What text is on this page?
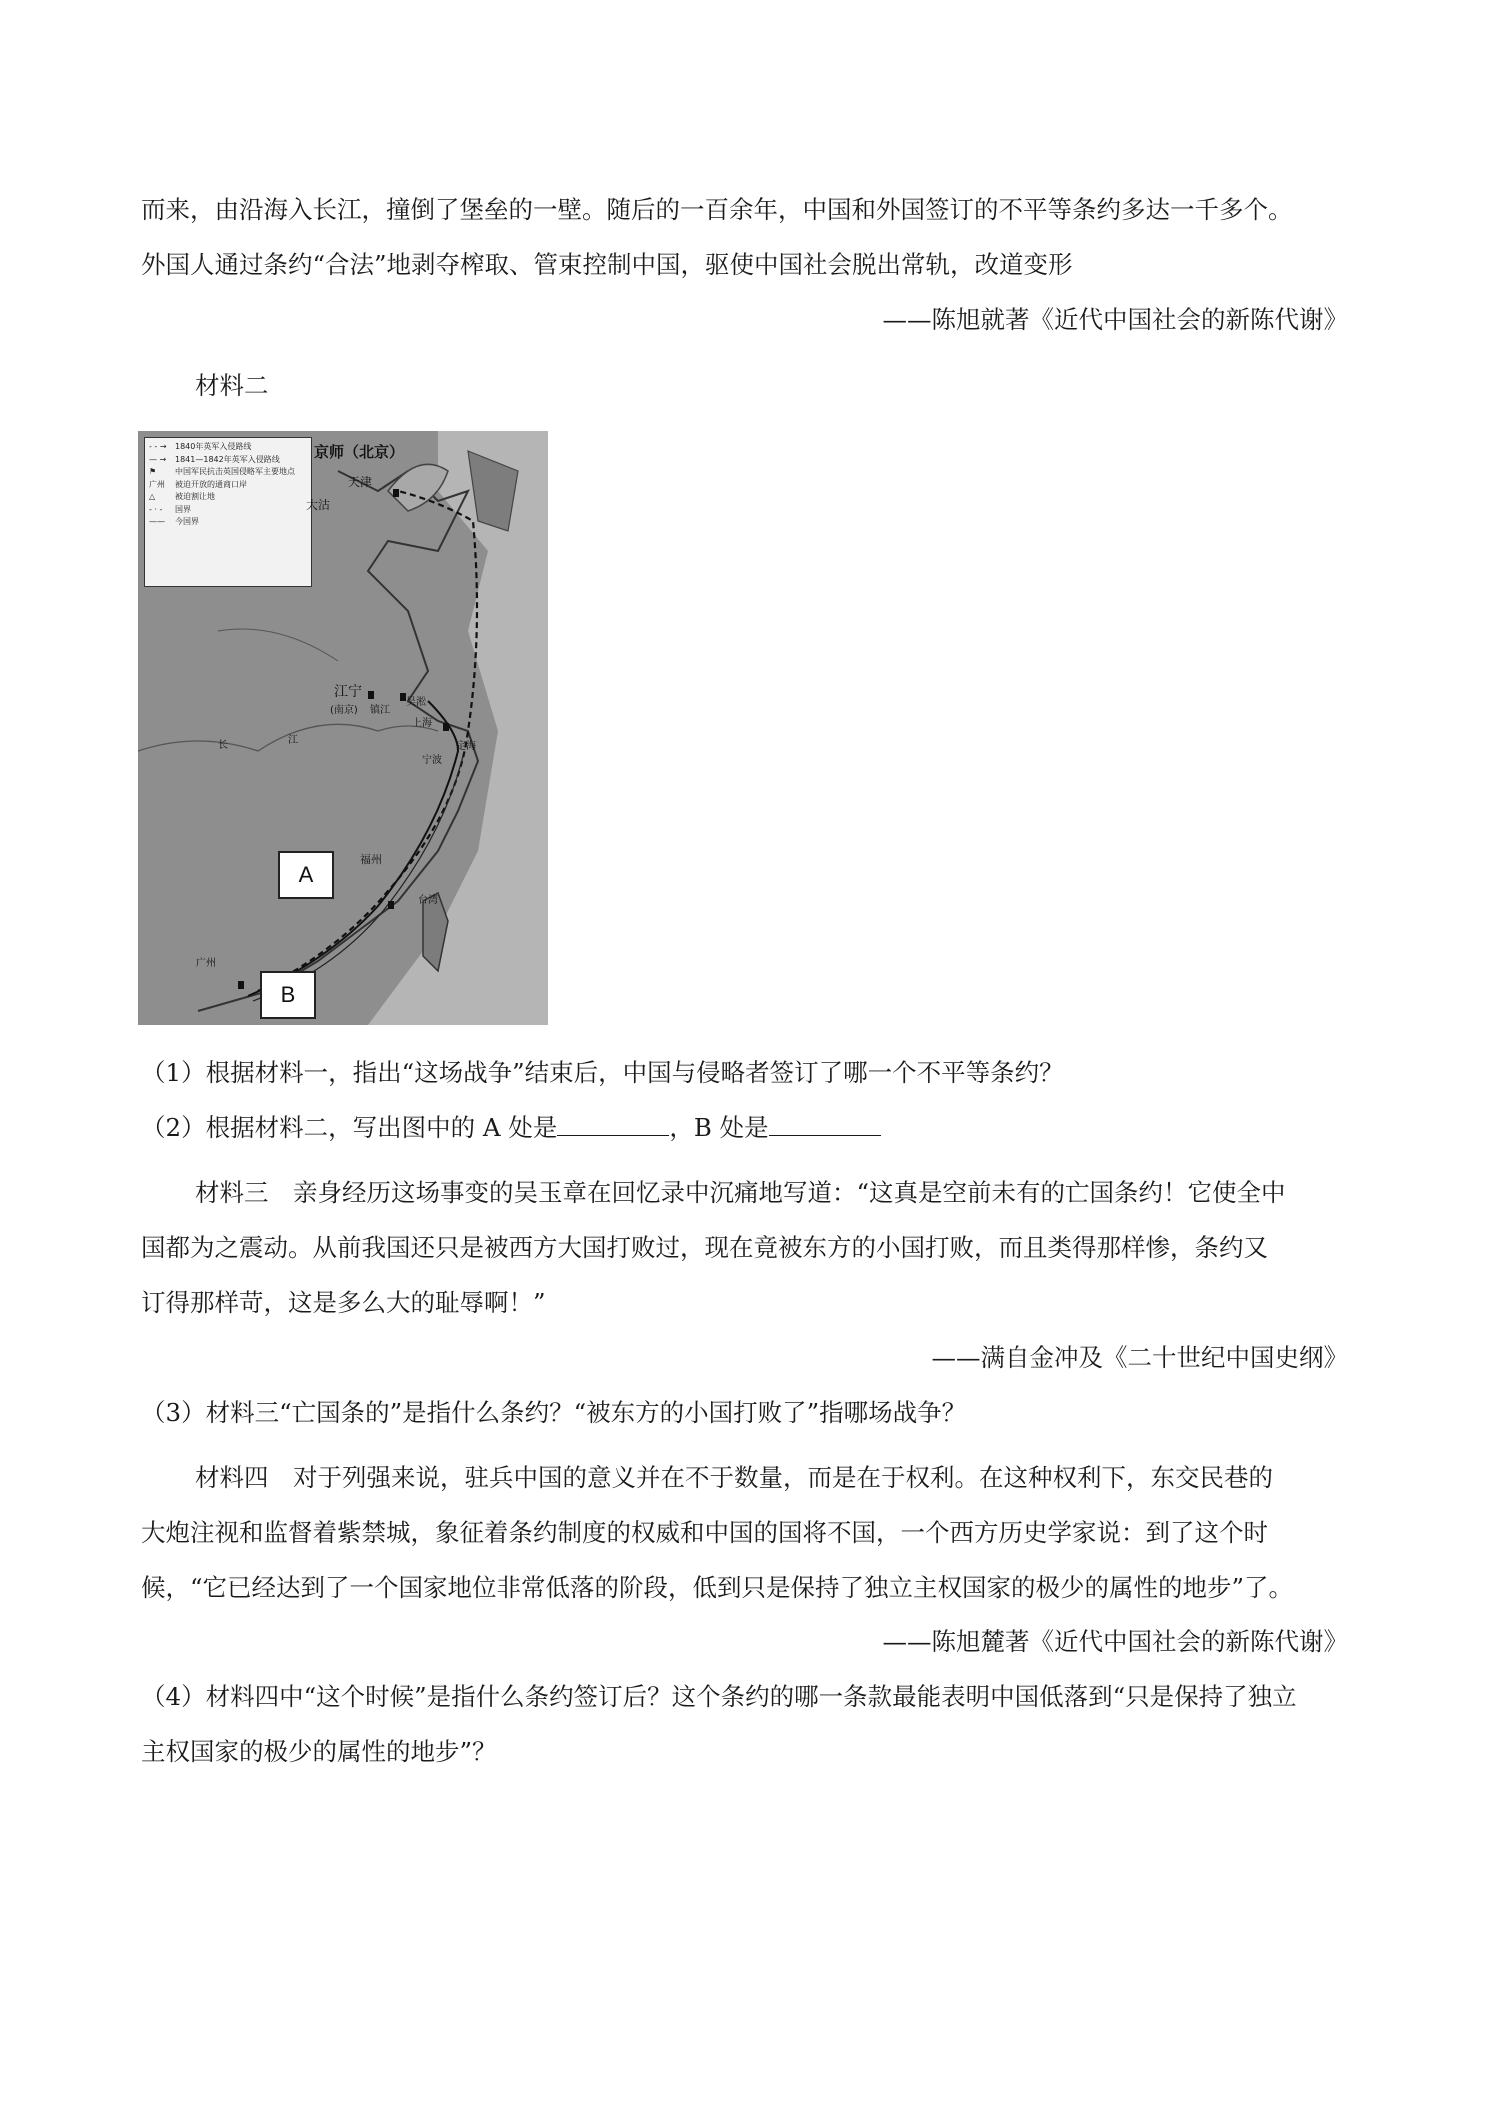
而来，由沿海入长江，撞倒了堡垒的一壁。随后的一百余年，中国和外国签订的不平等条约多达一千多个。
外国人通过条约“合法”地剥夺榨取、管束控制中国，驱使中国社会脱出常轨，改道变形
——陈旭就著《近代中国社会的新陈代谢》
材料二
- - →	1840年英军入侵路线
— →	1841—1842年英军入侵路线
⚑	中国军民抗击英国侵略军主要地点
广州	被迫开放的通商口岸
△	被迫割让地
- · -	国界
——	今国界
京师（北京）
天津
大沽
江宁
(南京) 镇江
吴淞
上海
定海
宁波
福州
台湾
广州
江
长
A
B
（1）根据材料一，指出“这场战争”结束后，中国与侵略者签订了哪一个不平等条约？
（2）根据材料二，写出图中的 A 处是	，B 处是
材料三　亲身经历这场事变的吴玉章在回忆录中沉痛地写道：“这真是空前未有的亡国条约！它使全中
国都为之震动。从前我国还只是被西方大国打败过，现在竟被东方的小国打败，而且类得那样惨，条约又
订得那样苛，这是多么大的耻辱啊！”
——满自金冲及《二十世纪中国史纲》
（3）材料三“亡国条的”是指什么条约？“被东方的小国打败了”指哪场战争？
材料四　对于列强来说，驻兵中国的意义并在不于数量，而是在于权利。在这种权利下，东交民巷的
大炮注视和监督着紫禁城，象征着条约制度的权威和中国的国将不国，一个西方历史学家说：到了这个时
候，“它已经达到了一个国家地位非常低落的阶段，低到只是保持了独立主权国家的极少的属性的地步”了。
——陈旭麓著《近代中国社会的新陈代谢》
（4）材料四中“这个时候”是指什么条约签订后？这个条约的哪一条款最能表明中国低落到“只是保持了独立
主权国家的极少的属性的地步”？
